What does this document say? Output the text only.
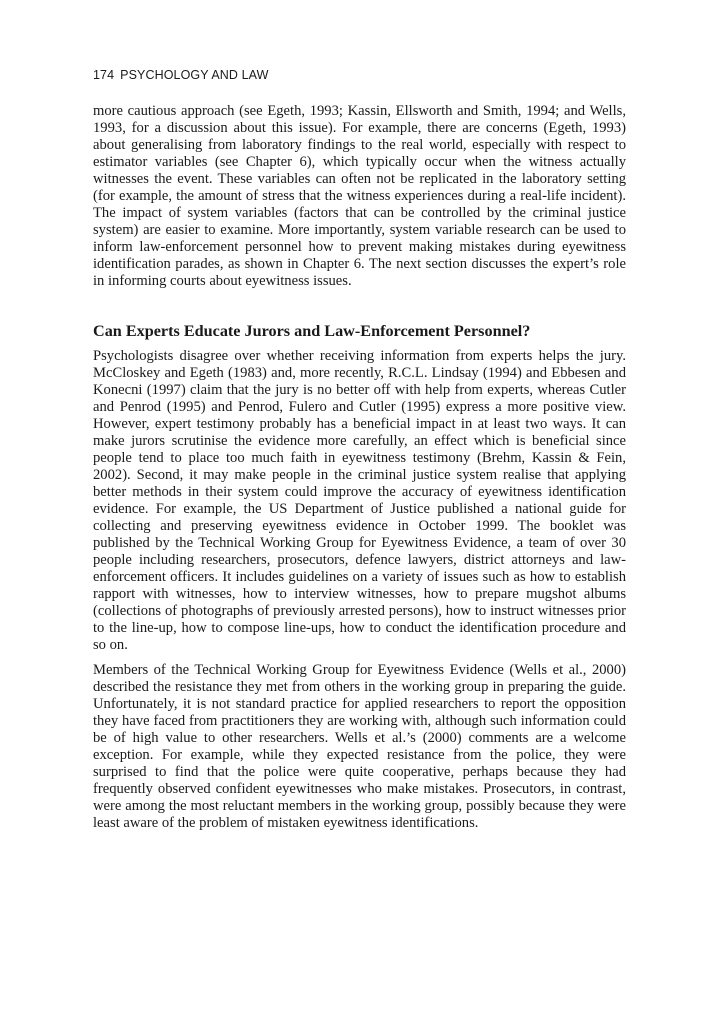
174 PSYCHOLOGY AND LAW

more cautious approach (see Egeth, 1993; Kassin, Ellsworth and Smith, 1994; and Wells, 1993, for a discussion about this issue). For example, there are concerns (Egeth, 1993) about generalising from laboratory findings to the real world, especially with respect to estimator variables (see Chapter 6), which typically occur when the witness actually witnesses the event. These variables can often not be replicated in the laboratory setting (for example, the amount of stress that the witness experiences during a real-life incident). The impact of system variables (factors that can be controlled by the criminal justice system) are easier to examine. More importantly, system variable research can be used to inform law-enforcement personnel how to prevent making mistakes during eyewitness identification parades, as shown in Chapter 6. The next section discusses the expert’s role in informing courts about eyewitness issues.

Can Experts Educate Jurors and Law-Enforcement Personnel?

Psychologists disagree over whether receiving information from experts helps the jury. McCloskey and Egeth (1983) and, more recently, R.C.L. Lindsay (1994) and Ebbesen and Konecni (1997) claim that the jury is no better off with help from experts, whereas Cutler and Penrod (1995) and Penrod, Fulero and Cutler (1995) express a more positive view. However, expert testimony probably has a beneficial impact in at least two ways. It can make jurors scrutinise the evidence more carefully, an effect which is beneficial since people tend to place too much faith in eyewitness testimony (Brehm, Kassin & Fein, 2002). Second, it may make people in the criminal justice system realise that applying better methods in their system could improve the accuracy of eyewitness identification evidence. For example, the US Department of Justice published a national guide for collecting and preserving eyewitness evidence in October 1999. The booklet was published by the Technical Working Group for Eyewitness Evidence, a team of over 30 people including researchers, prosecutors, defence lawyers, district attorneys and law-enforcement officers. It includes guidelines on a variety of issues such as how to establish rapport with witnesses, how to interview witnesses, how to prepare mugshot albums (collections of photographs of previously arrested persons), how to instruct witnesses prior to the line-up, how to compose line-ups, how to conduct the identification procedure and so on.

Members of the Technical Working Group for Eyewitness Evidence (Wells et al., 2000) described the resistance they met from others in the working group in preparing the guide. Unfortunately, it is not standard practice for applied researchers to report the opposition they have faced from practitioners they are working with, although such information could be of high value to other researchers. Wells et al.’s (2000) comments are a welcome exception. For example, while they expected resistance from the police, they were surprised to find that the police were quite cooperative, perhaps because they had frequently observed confident eyewitnesses who make mistakes. Prosecutors, in contrast, were among the most reluctant members in the working group, possibly because they were least aware of the problem of mistaken eyewitness identifications.
